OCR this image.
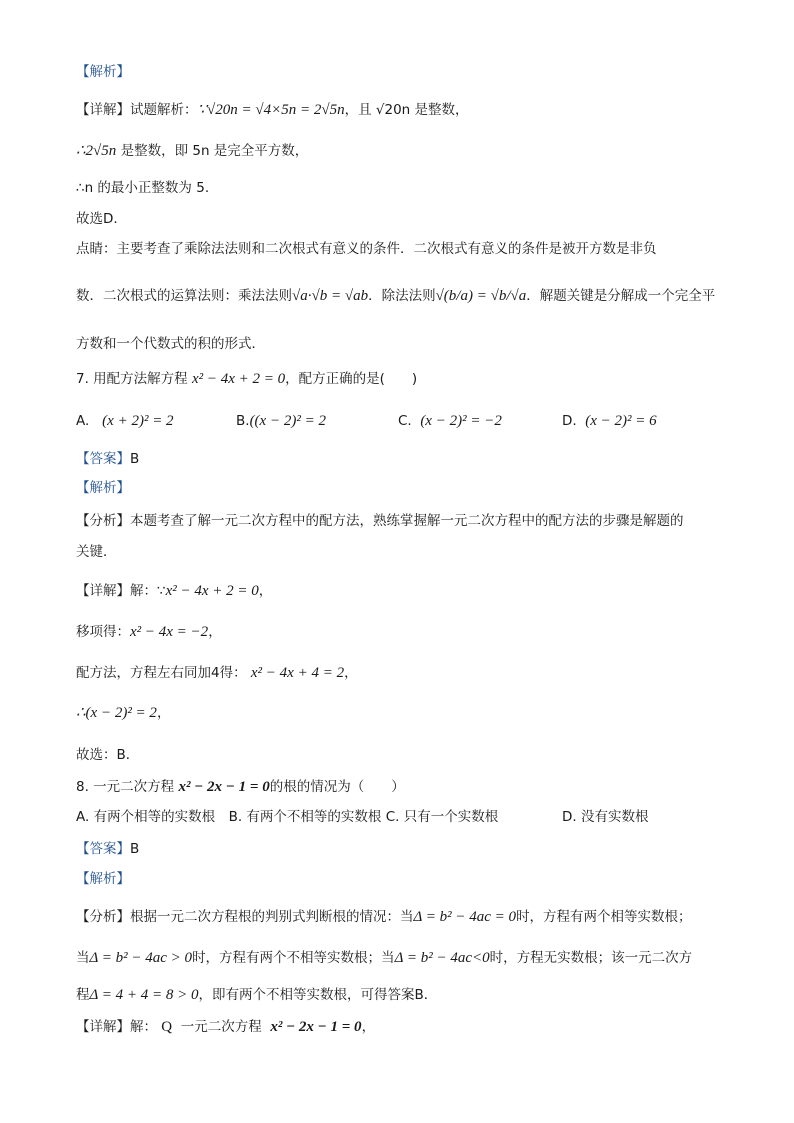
【解析】
【详解】试题解析：∵√20n = √4×5n = 2√5n，且 √20n 是整数，
∴2√5n 是整数，即 5n 是完全平方数，
∴n 的最小正整数为 5.
故选D.
点睛：主要考查了乘除法法则和二次根式有意义的条件．二次根式有意义的条件是被开方数是非负
数．二次根式的运算法则：乘法法则√a·√b = √ab．除法法则√(b/a) = √b/√a．解题关键是分解成一个完全平
方数和一个代数式的积的形式．
7. 用配方法解方程 x² − 4x + 2 = 0，配方正确的是(　　)
A. (x + 2)² = 2	B.((x − 2)² = 2	C. (x − 2)² = −2	D. (x − 2)² = 6
【答案】B
【解析】
【分析】本题考查了解一元二次方程中的配方法，熟练掌握解一元二次方程中的配方法的步骤是解题的
关键．
【详解】解：∵x² − 4x + 2 = 0，
移项得：x² − 4x = −2，
配方法，方程左右同加4得： x² − 4x + 4 = 2，
∴(x − 2)² = 2，
故选：B．
8. 一元二次方程 x² − 2x − 1 = 0的根的情况为（　　）
A. 有两个相等的实数根　B. 有两个不相等的实数根 C. 只有一个实数根	D. 没有实数根
【答案】B
【解析】
【分析】根据一元二次方程根的判别式判断根的情况：当Δ = b² − 4ac = 0时，方程有两个相等实数根；
当Δ = b² − 4ac > 0时，方程有两个不相等实数根；当Δ = b² − 4ac<0时，方程无实数根；该一元二次方
程Δ = 4 + 4 = 8 > 0，即有两个不相等实数根，可得答案B．
【详解】解： Q 一元二次方程 x² − 2x − 1 = 0，
